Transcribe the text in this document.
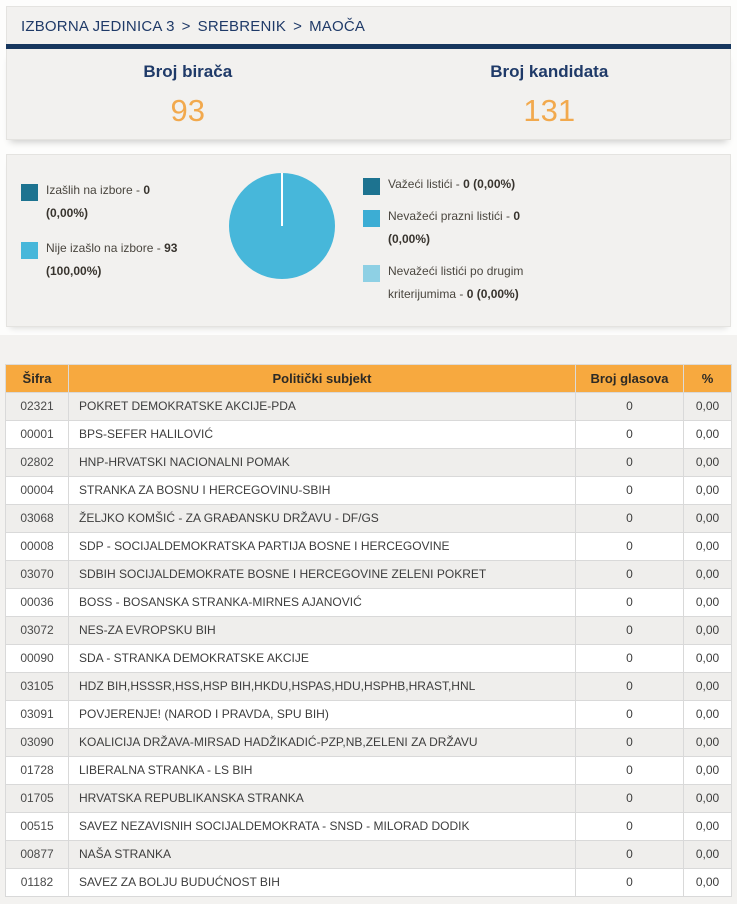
IZBORNA JEDINICA 3 > SREBRENIK > MAOČA
Broj birača
93
Broj kandidata
131
Izašlih na izbore - 0
(0,00%)
Nije izašlo na izbore - 93
(100,00%)
Važeći listići - 0 (0,00%)
Nevažeći prazni listići - 0
(0,00%)
Nevažeći listići po drugim kriterijumima - 0 (0,00%)
Šifra	Politički subjekt	Broj glasova	%
02321	POKRET DEMOKRATSKE AKCIJE-PDA	0	0,00
00001	BPS-SEFER HALILOVIĆ	0	0,00
02802	HNP-HRVATSKI NACIONALNI POMAK	0	0,00
00004	STRANKA ZA BOSNU I HERCEGOVINU-SBIH	0	0,00
03068	ŽELJKO KOMŠIĆ - ZA GRAĐANSKU DRŽAVU - DF/GS	0	0,00
00008	SDP - SOCIJALDEMOKRATSKA PARTIJA BOSNE I HERCEGOVINE	0	0,00
03070	SDBIH SOCIJALDEMOKRATE BOSNE I HERCEGOVINE ZELENI POKRET	0	0,00
00036	BOSS - BOSANSKA STRANKA-MIRNES AJANOVIĆ	0	0,00
03072	NES-ZA EVROPSKU BIH	0	0,00
00090	SDA - STRANKA DEMOKRATSKE AKCIJE	0	0,00
03105	HDZ BIH,HSSSR,HSS,HSP BIH,HKDU,HSPAS,HDU,HSPHB,HRAST,HNL	0	0,00
03091	POVJERENJE! (NAROD I PRAVDA, SPU BIH)	0	0,00
03090	KOALICIJA DRŽAVA-MIRSAD HADŽIKADIĆ-PZP,NB,ZELENI ZA DRŽAVU	0	0,00
01728	LIBERALNA STRANKA - LS BIH	0	0,00
01705	HRVATSKA REPUBLIKANSKA STRANKA	0	0,00
00515	SAVEZ NEZAVISNIH SOCIJALDEMOKRATA - SNSD - MILORAD DODIK	0	0,00
00877	NAŠA STRANKA	0	0,00
01182	SAVEZ ZA BOLJU BUDUĆNOST BIH	0	0,00
